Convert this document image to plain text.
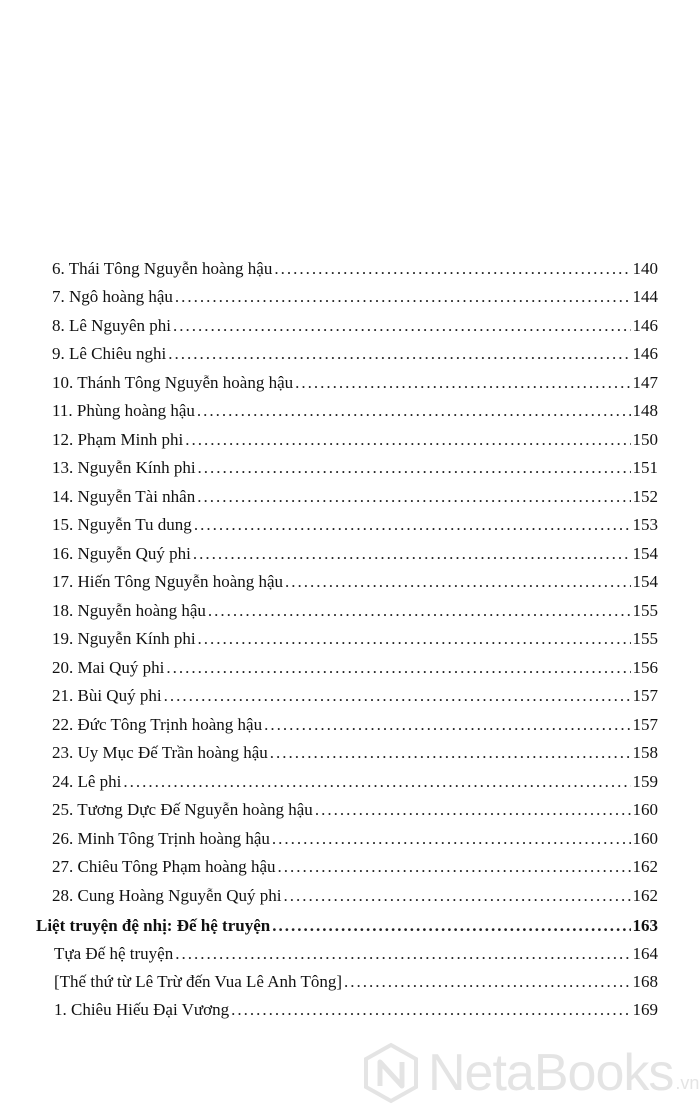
6. Thái Tông Nguyễn hoàng hậu .....	140
7. Ngô hoàng hậu .....	144
8. Lê Nguyên phi .....	146
9. Lê Chiêu nghi .....	146
10. Thánh Tông Nguyễn hoàng hậu .....	147
11. Phùng hoàng hậu .....	148
12. Phạm Minh phi .....	150
13. Nguyễn Kính phi .....	151
14. Nguyễn Tài nhân .....	152
15. Nguyễn Tu dung .....	153
16. Nguyễn Quý phi .....	154
17. Hiến Tông Nguyễn hoàng hậu .....	154
18. Nguyễn hoàng hậu .....	155
19. Nguyễn Kính phi .....	155
20. Mai Quý phi .....	156
21. Bùi Quý phi .....	157
22. Đức Tông Trịnh hoàng hậu .....	157
23. Uy Mục Đế Trần hoàng hậu .....	158
24. Lê phi .....	159
25. Tương Dực Đế Nguyễn hoàng hậu .....	160
26. Minh Tông Trịnh hoàng hậu .....	160
27. Chiêu Tông Phạm hoàng hậu .....	162
28. Cung Hoàng Nguyễn Quý phi .....	162
Liệt truyện đệ nhị: Đế hệ truyện .....	163
Tựa Đế hệ truyện .....	164
[Thế thứ từ Lê Trừ đến Vua Lê Anh Tông] .....	168
1. Chiêu Hiếu Đại Vương .....	169
NetaBooks .vn
